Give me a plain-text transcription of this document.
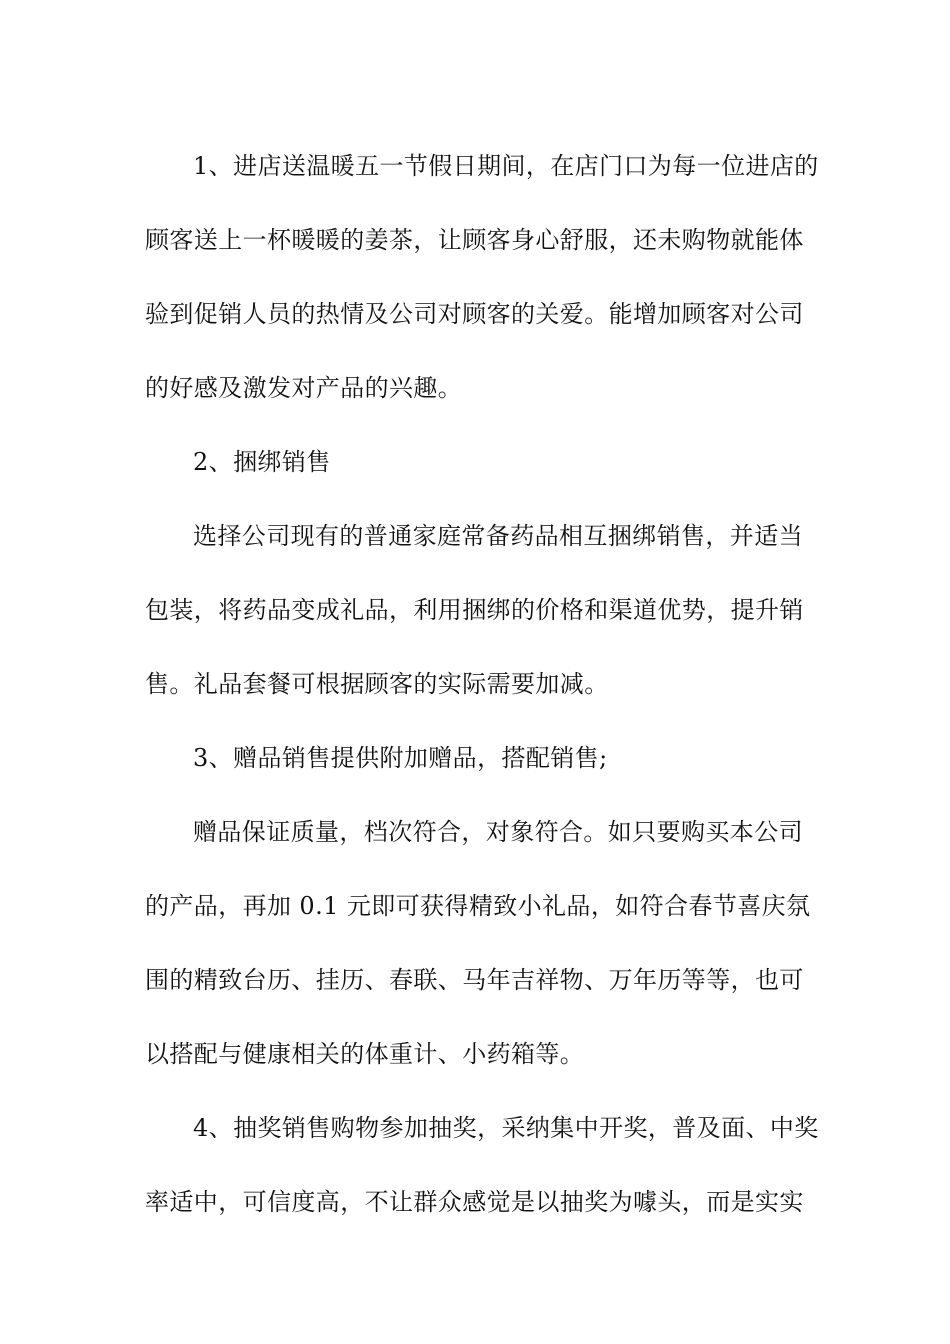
1、进店送温暖五一节假日期间，在店门口为每一位进店的
顾客送上一杯暖暖的姜茶，让顾客身心舒服，还未购物就能体
验到促销人员的热情及公司对顾客的关爱。能增加顾客对公司
的好感及激发对产品的兴趣。
2、捆绑销售
选择公司现有的普通家庭常备药品相互捆绑销售，并适当
包装，将药品变成礼品，利用捆绑的价格和渠道优势，提升销
售。礼品套餐可根据顾客的实际需要加减。
3、赠品销售提供附加赠品，搭配销售;
赠品保证质量，档次符合，对象符合。如只要购买本公司
的产品，再加 0.1 元即可获得精致小礼品，如符合春节喜庆氛
围的精致台历、挂历、春联、马年吉祥物、万年历等等，也可
以搭配与健康相关的体重计、小药箱等。
4、抽奖销售购物参加抽奖，采纳集中开奖，普及面、中奖
率适中，可信度高，不让群众感觉是以抽奖为噱头，而是实实
